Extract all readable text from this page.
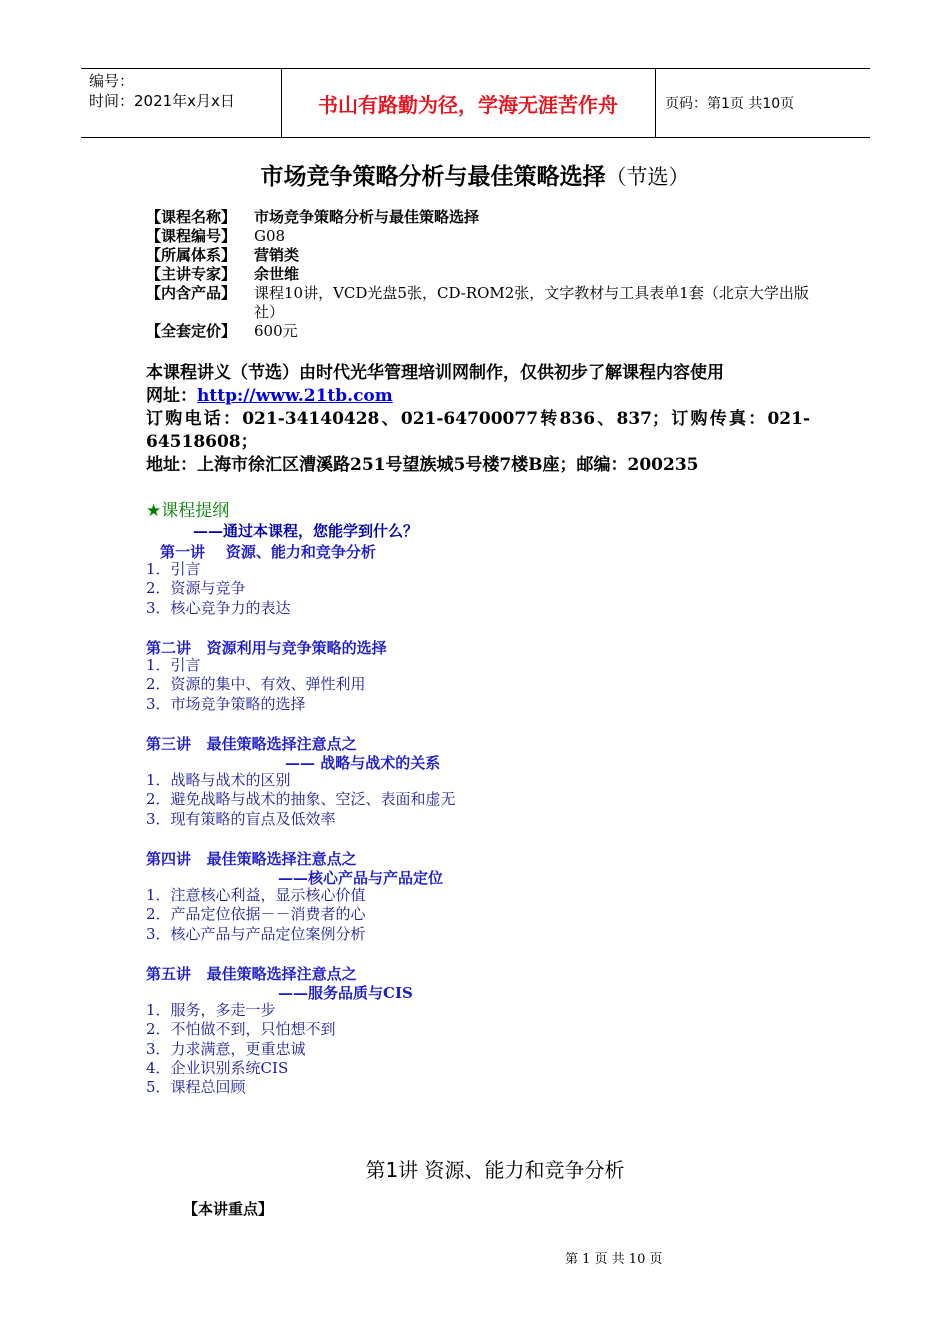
编号：
时间：2021年x月x日	书山有路勤为径，学海无涯苦作舟	页码：第1页 共10页
市场竞争策略分析与最佳策略选择（节选）
【课程名称】	市场竞争策略分析与最佳策略选择
【课程编号】	G08
【所属体系】	营销类
【主讲专家】	余世维
【内含产品】	课程10讲，VCD光盘5张，CD-ROM2张，文字教材与工具表单1套（北京大学出版社）
【全套定价】	600元
本课程讲义（节选）由时代光华管理培训网制作，仅供初步了解课程内容使用
网址：http://www.21tb.com
订购电话：021-34140428、021-64700077转836、837；订购传真：021-
64518608；
地址：上海市徐汇区漕溪路251号望族城5号楼7楼B座；邮编：200235
★课程提纲
——通过本课程，您能学到什么？
第一讲    资源、能力和竞争分析
1．引言
2．资源与竞争
3．核心竞争力的表达
第二讲   资源利用与竞争策略的选择
1．引言
2．资源的集中、有效、弹性利用
3．市场竞争策略的选择
第三讲   最佳策略选择注意点之
—— 战略与战术的关系
1．战略与战术的区别
2．避免战略与战术的抽象、空泛、表面和虚无
3．现有策略的盲点及低效率
第四讲   最佳策略选择注意点之
——核心产品与产品定位
1．注意核心利益，显示核心价值
2．产品定位依据－－消费者的心
3．核心产品与产品定位案例分析
第五讲   最佳策略选择注意点之
——服务品质与CIS
1．服务，多走一步
2．不怕做不到，只怕想不到
3．力求满意，更重忠诚
4．企业识别系统CIS
5．课程总回顾
第1讲 资源、能力和竞争分析
【本讲重点】
第 1 页 共 10 页
